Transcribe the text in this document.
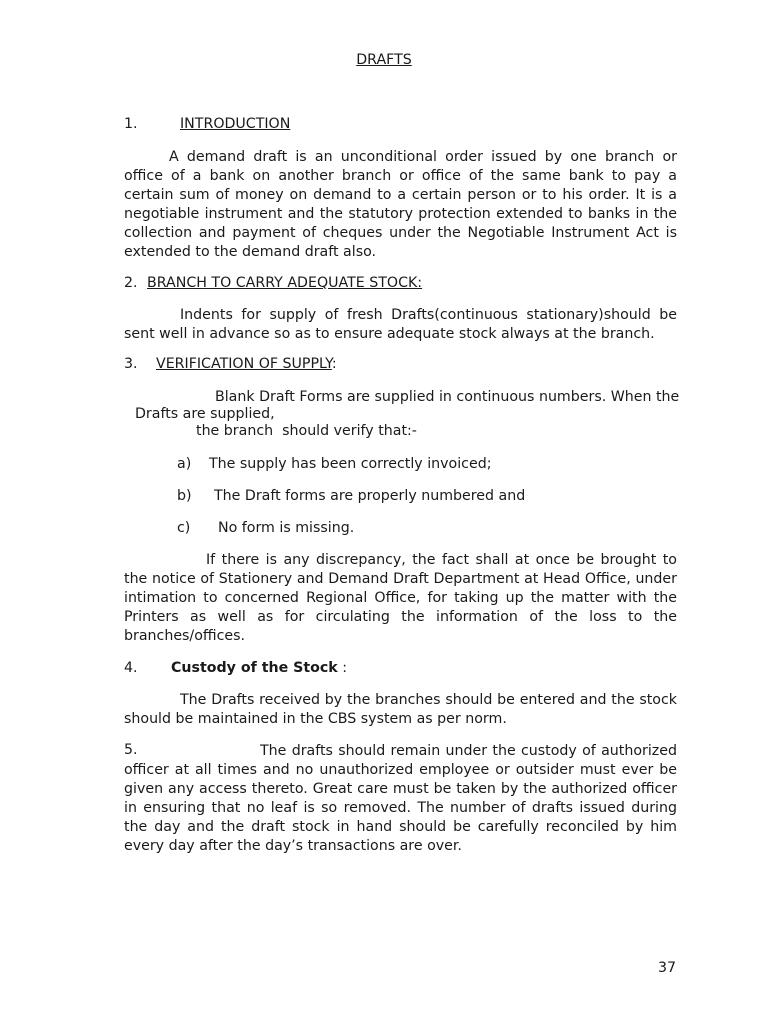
DRAFTS
1.	INTRODUCTION
A demand draft is an unconditional order issued by one branch or office of a bank on another branch or office of the same bank to pay a certain sum of money on demand to a certain person or to his order. It is a negotiable instrument and the statutory protection extended to banks in the collection and payment of cheques under the Negotiable Instrument Act is extended to the demand draft also.
2. BRANCH TO CARRY ADEQUATE STOCK:
Indents for supply of fresh Drafts(continuous stationary)should be sent well in advance so as to ensure adequate stock always at the branch.
3. VERIFICATION OF SUPPLY:
Blank Draft Forms are supplied in continuous numbers. When the
Drafts are supplied,
the branch  should verify that:-
a) The supply has been correctly invoiced;
b) The Draft forms are properly numbered and
c) No form is missing.
If there is any discrepancy, the fact shall at once be brought to the notice of Stationery and Demand Draft Department at Head Office, under intimation to concerned Regional Office, for taking up the matter with the Printers as well as for circulating the information of the loss to the branches/offices.
4. Custody of the Stock :
The Drafts received by the branches should be entered and the stock should be maintained in the CBS system as per norm.
5.	The drafts should remain under the custody of authorized officer at all times and no unauthorized employee or outsider must ever be given any access thereto. Great care must be taken by the authorized officer in ensuring that no leaf is so removed. The number of drafts issued during the day and the draft stock in hand should be carefully reconciled by him every day after the day’s transactions are over.
37
